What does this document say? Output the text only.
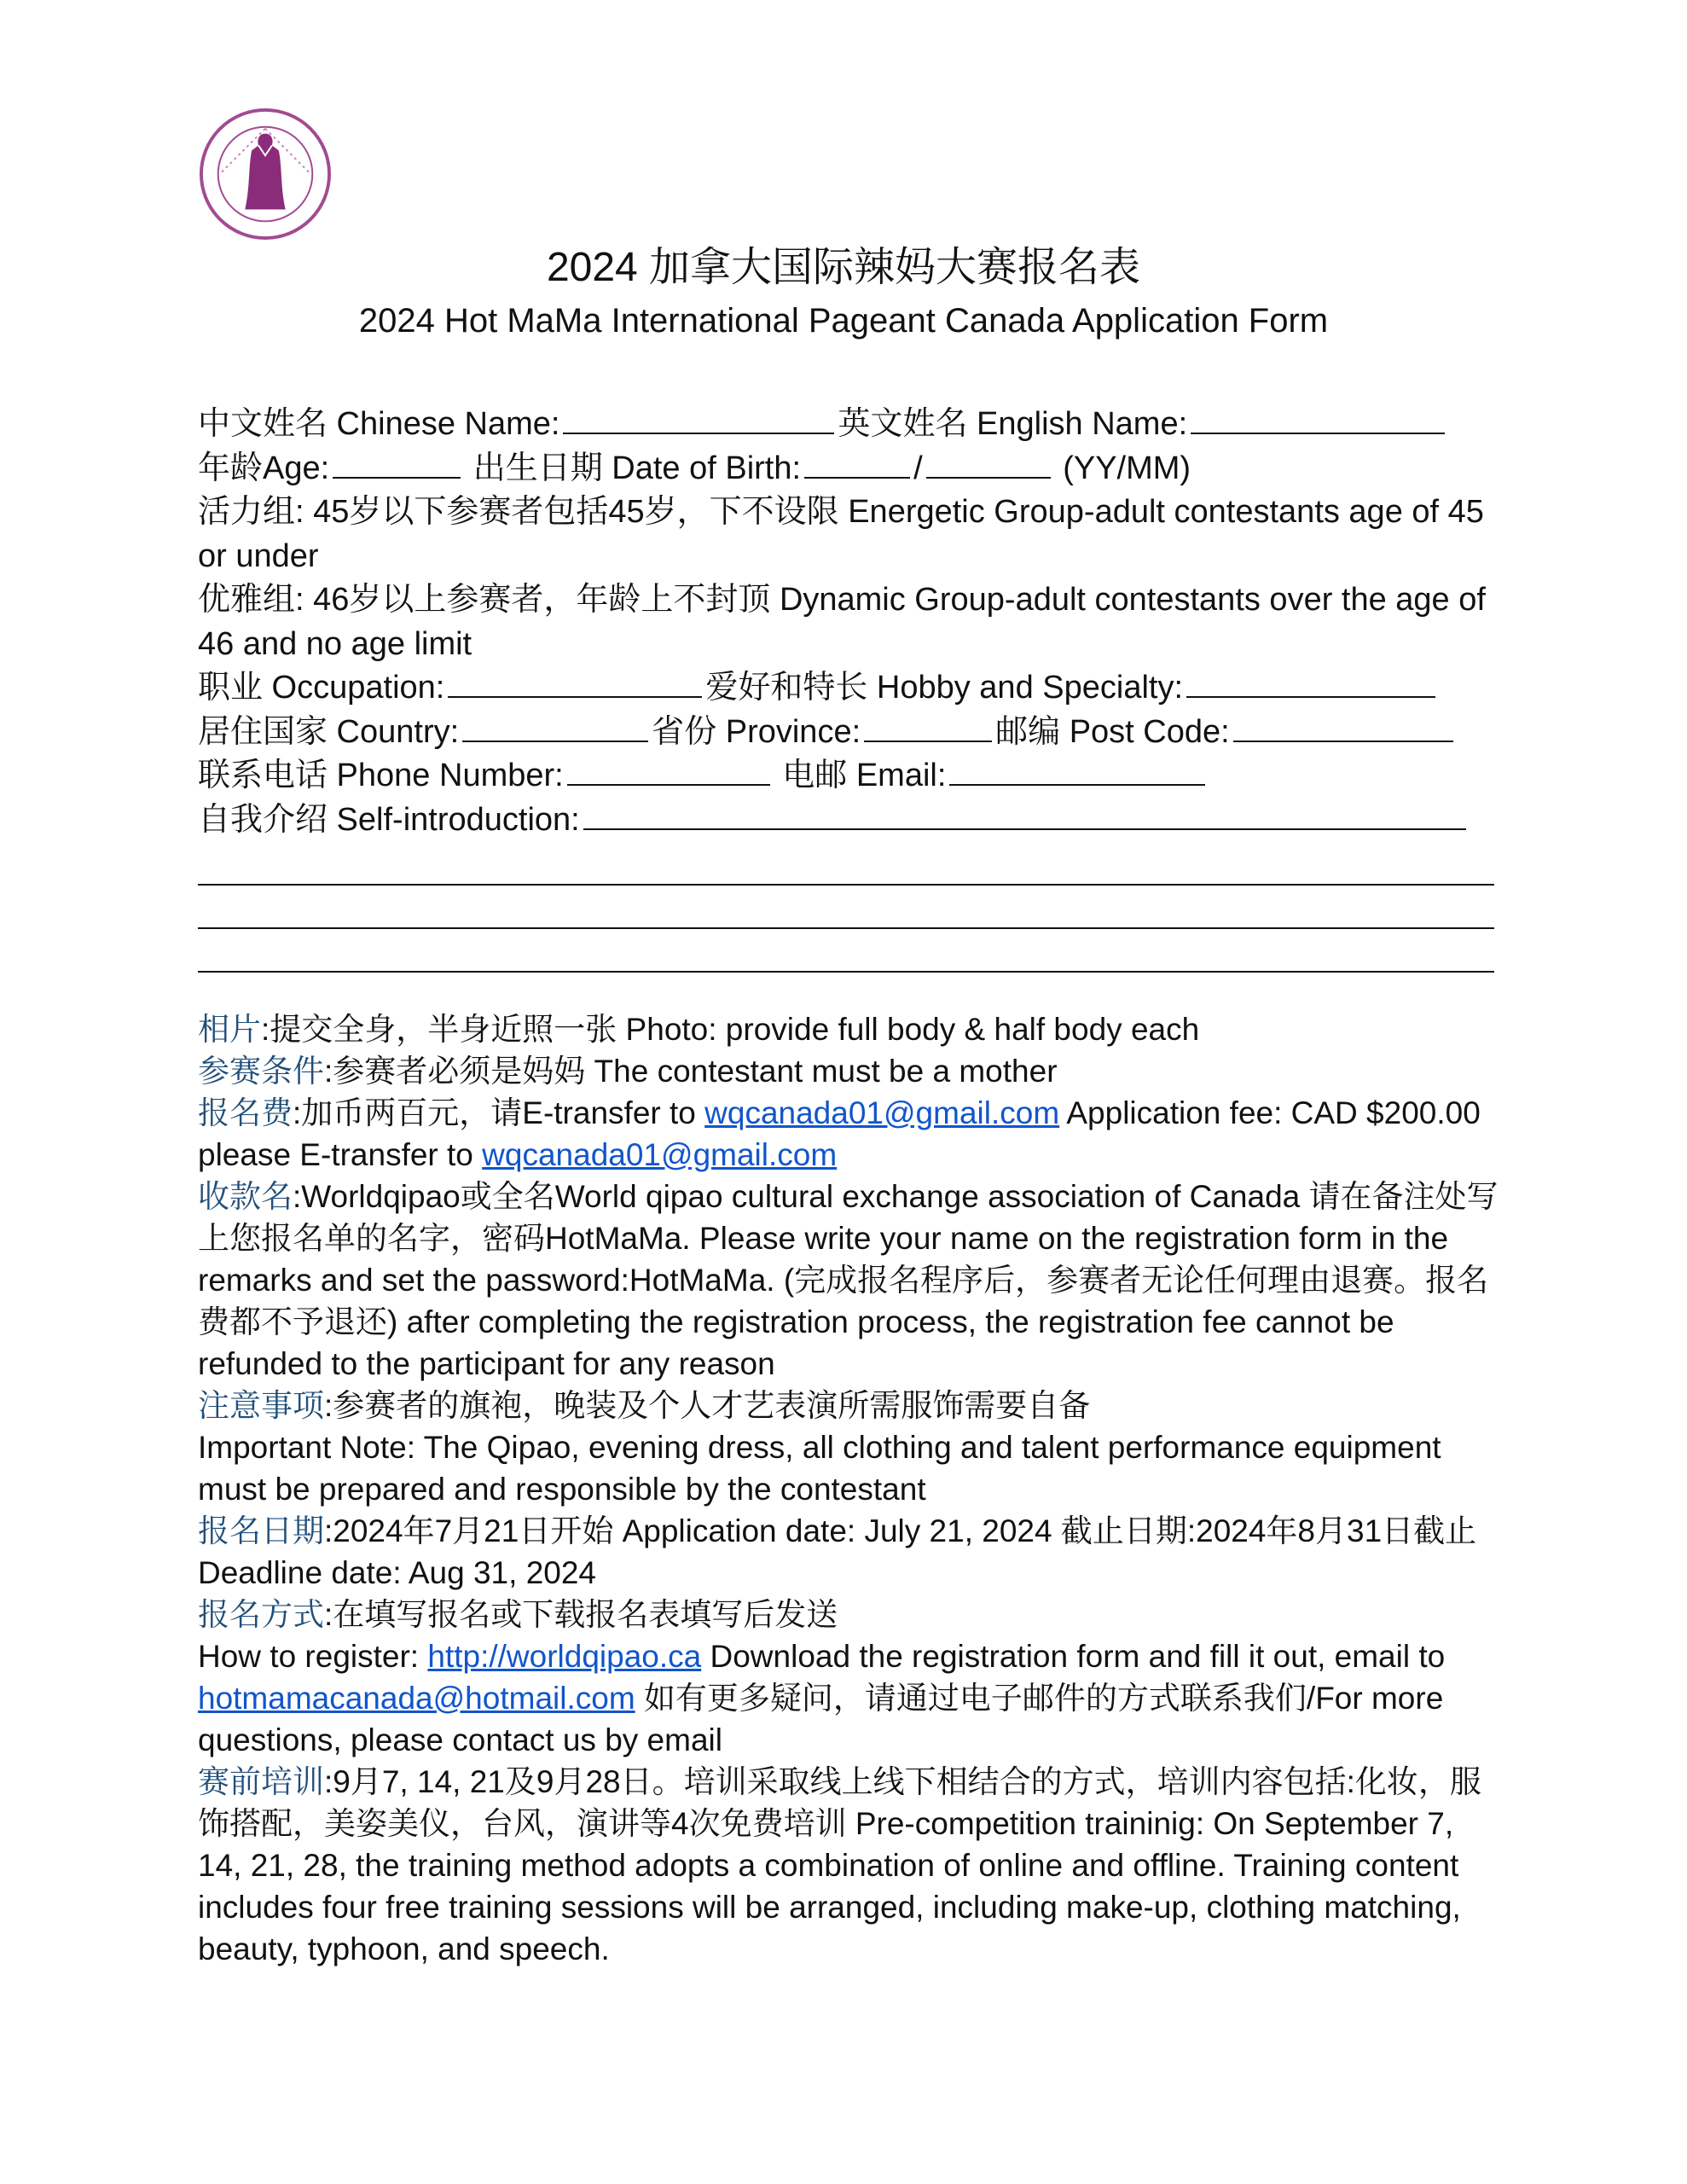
2024 加拿大国际辣妈大赛报名表
2024 Hot MaMa International Pageant Canada Application Form
中文姓名 Chinese Name:	英文姓名 English Name:
年龄Age:	出生日期 Date of Birth:	/	(YY/MM)
活力组: 45岁以下参赛者包括45岁，下不设限 Energetic Group-adult contestants age of 45 or under
优雅组: 46岁以上参赛者，年龄上不封顶 Dynamic Group-adult contestants over the age of 46 and no age limit
职业 Occupation:	爱好和特长 Hobby and Specialty:
居住国家 Country:	省份 Province:	邮编 Post Code:
联系电话 Phone Number:	电邮 Email:
自我介绍 Self-introduction:
相片:提交全身，半身近照一张 Photo: provide full body & half body each
参赛条件:参赛者必须是妈妈 The contestant must be a mother
报名费:加币两百元，请E-transfer to wqcanada01@gmail.com Application fee: CAD $200.00 please E-transfer to wqcanada01@gmail.com
收款名:Worldqipao或全名World qipao cultural exchange association of Canada 请在备注处写上您报名单的名字，密码HotMaMa. Please write your name on the registration form in the remarks and set the password:HotMaMa. (完成报名程序后，参赛者无论任何理由退赛。报名费都不予退还) after completing the registration process, the registration fee cannot be refunded to the participant for any reason
注意事项:参赛者的旗袍，晚装及个人才艺表演所需服饰需要自备
Important Note: The Qipao, evening dress, all clothing and talent performance equipment must be prepared and responsible by the contestant
报名日期:2024年7月21日开始 Application date: July 21, 2024 截止日期:2024年8月31日截止 Deadline date: Aug 31, 2024
报名方式:在填写报名或下载报名表填写后发送
How to register: http://worldqipao.ca Download the registration form and fill it out, email to hotmamacanada@hotmail.com 如有更多疑问，请通过电子邮件的方式联系我们/For more questions, please contact us by email
赛前培训:9月7, 14, 21及9月28日。培训采取线上线下相结合的方式，培训内容包括:化妆，服饰搭配，美姿美仪，台风，演讲等4次免费培训 Pre-competition traininig: On September 7, 14, 21, 28, the training method adopts a combination of online and offline. Training content includes four free training sessions will be arranged, including make-up, clothing matching, beauty, typhoon, and speech.
